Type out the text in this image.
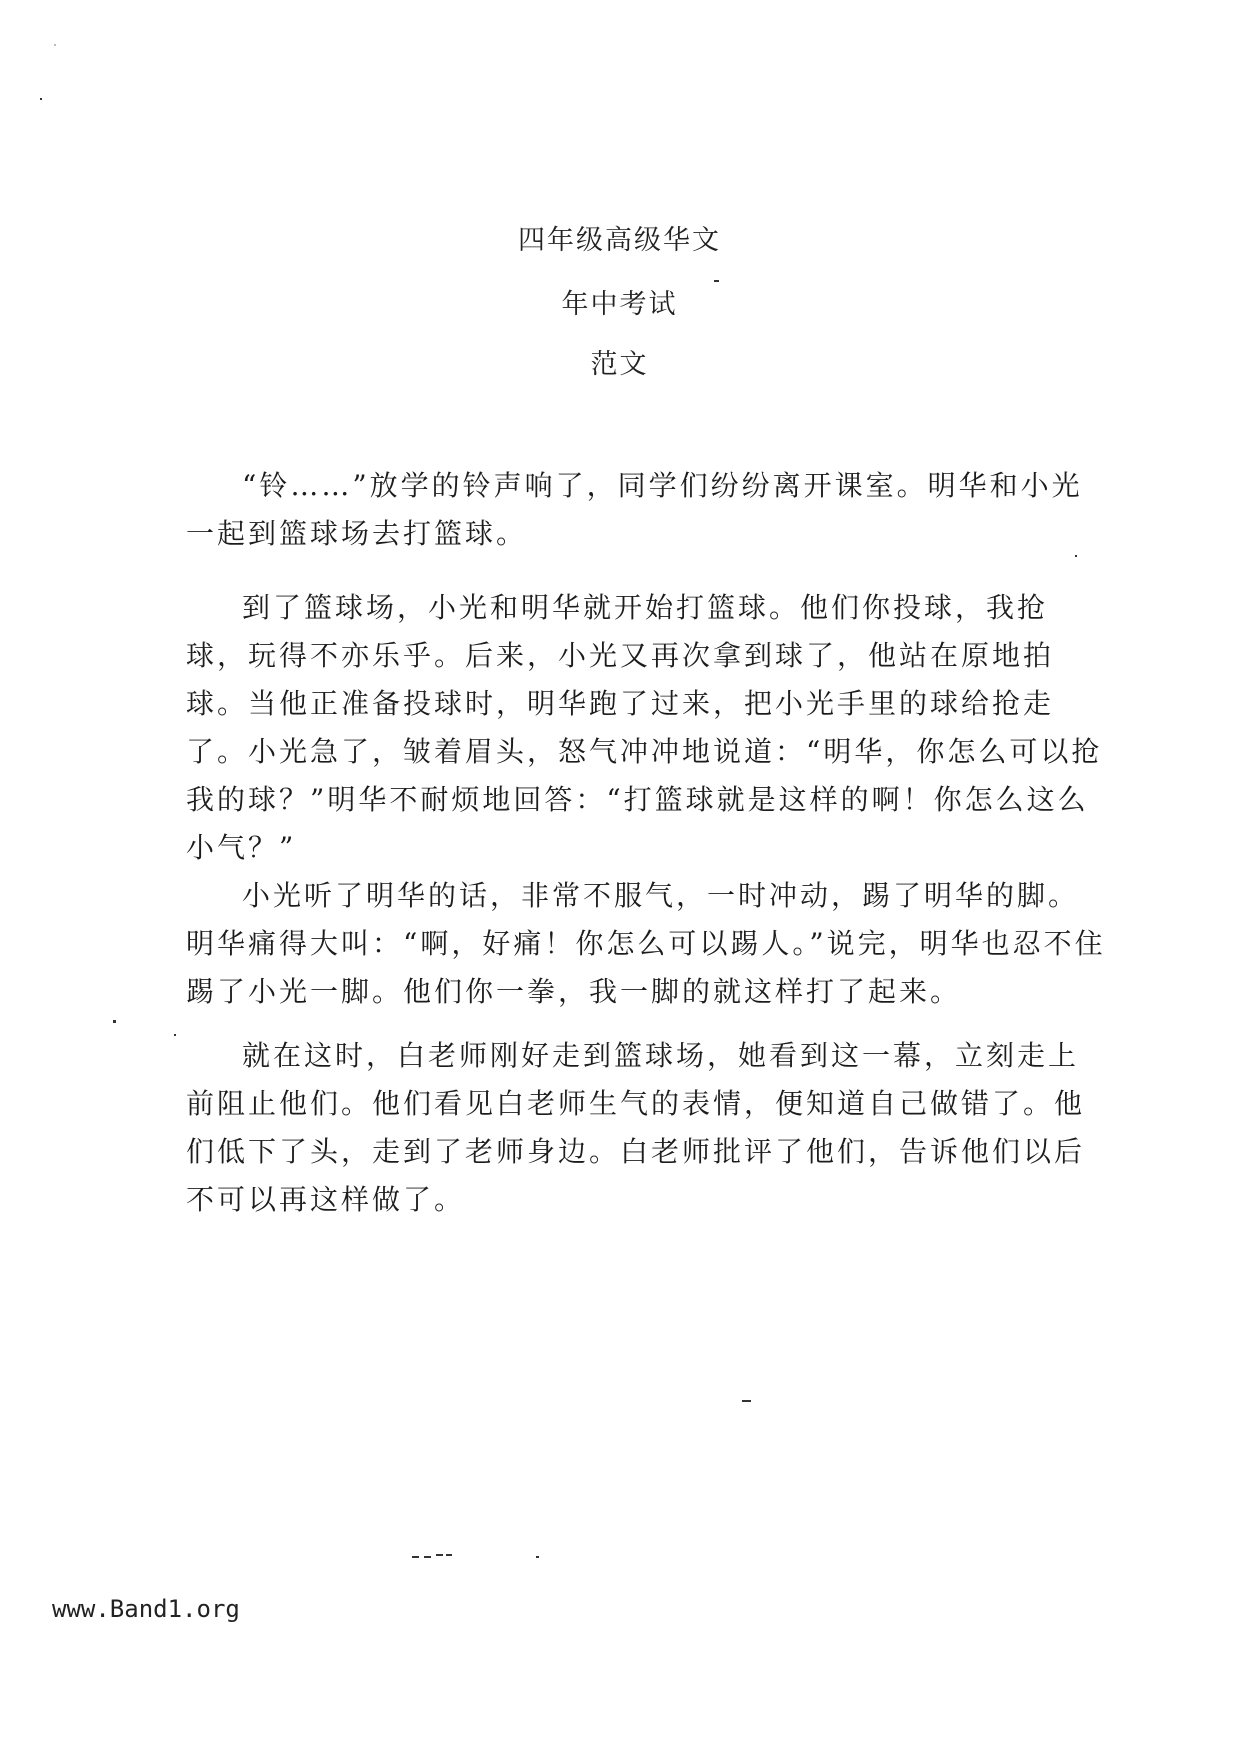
四年级高级华文
年中考试
范文

“铃……”放学的铃声响了，同学们纷纷离开课室。明华和小光一起到篮球场去打篮球。

到了篮球场，小光和明华就开始打篮球。他们你投球，我抢球，玩得不亦乐乎。后来，小光又再次拿到球了，他站在原地拍球。当他正准备投球时，明华跑了过来，把小光手里的球给抢走了。小光急了，皱着眉头，怒气冲冲地说道：“明华，你怎么可以抢我的球？”明华不耐烦地回答：“打篮球就是这样的啊！你怎么这么小气？”

小光听了明华的话，非常不服气，一时冲动，踢了明华的脚。明华痛得大叫：“啊，好痛！你怎么可以踢人。”说完，明华也忍不住踢了小光一脚。他们你一拳，我一脚的就这样打了起来。

就在这时，白老师刚好走到篮球场，她看到这一幕，立刻走上前阻止他们。他们看见白老师生气的表情，便知道自己做错了。他们低下了头，走到了老师身边。白老师批评了他们，告诉他们以后不可以再这样做了。

www.Band1.org
